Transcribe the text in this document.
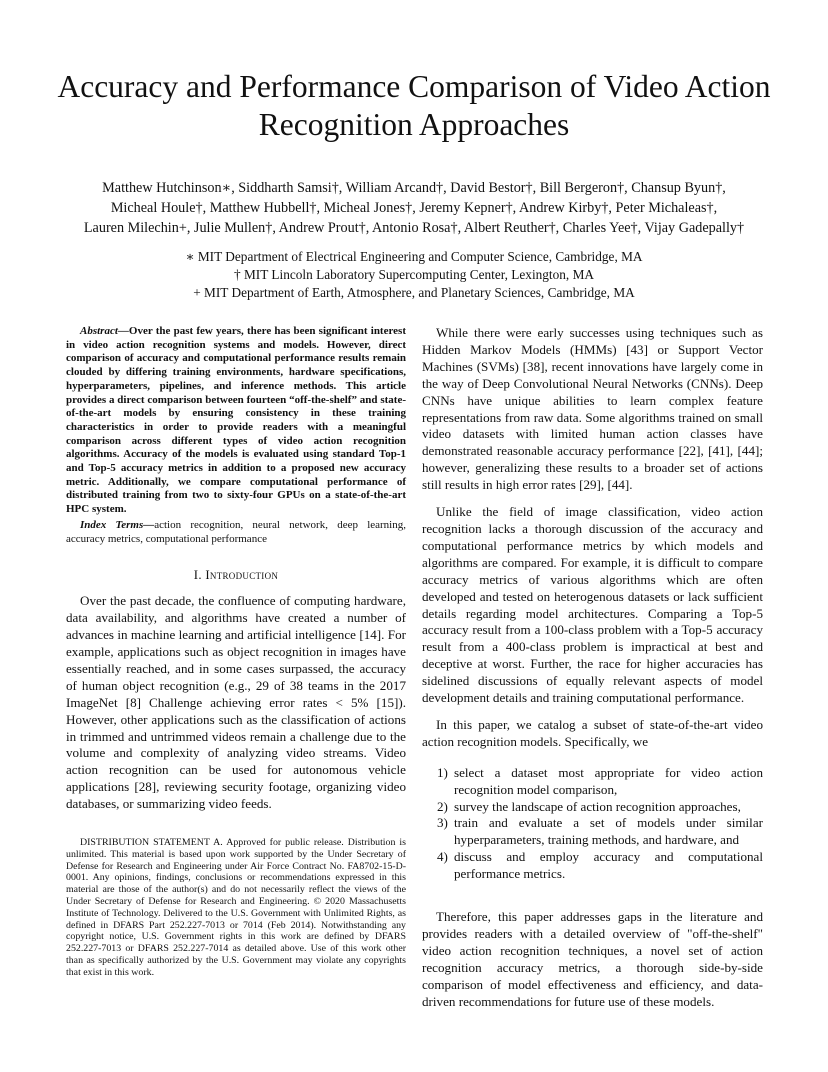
Accuracy and Performance Comparison of Video Action Recognition Approaches
Matthew Hutchinson∗, Siddharth Samsi†, William Arcand†, David Bestor†, Bill Bergeron†, Chansup Byun†,
Micheal Houle†, Matthew Hubbell†, Micheal Jones†, Jeremy Kepner†, Andrew Kirby†, Peter Michaleas†,
Lauren Milechin+, Julie Mullen†, Andrew Prout†, Antonio Rosa†, Albert Reuther†, Charles Yee†, Vijay Gadepally†
∗ MIT Department of Electrical Engineering and Computer Science, Cambridge, MA
† MIT Lincoln Laboratory Supercomputing Center, Lexington, MA
+ MIT Department of Earth, Atmosphere, and Planetary Sciences, Cambridge, MA

Abstract—Over the past few years, there has been significant interest in video action recognition systems and models. However, direct comparison of accuracy and computational performance results remain clouded by differing training environments, hardware specifications, hyperparameters, pipelines, and inference methods. This article provides a direct comparison between fourteen “off-the-shelf” and state-of-the-art models by ensuring consistency in these training characteristics in order to provide readers with a meaningful comparison across different types of video action recognition algorithms. Accuracy of the models is evaluated using standard Top-1 and Top-5 accuracy metrics in addition to a proposed new accuracy metric. Additionally, we compare computational performance of distributed training from two to sixty-four GPUs on a state-of-the-art HPC system.

Index Terms—action recognition, neural network, deep learning, accuracy metrics, computational performance

I. Introduction

Over the past decade, the confluence of computing hardware, data availability, and algorithms have created a number of advances in machine learning and artificial intelligence [14]. For example, applications such as object recognition in images have essentially reached, and in some cases surpassed, the accuracy of human object recognition (e.g., 29 of 38 teams in the 2017 ImageNet [8] Challenge achieving error rates < 5% [15]). However, other applications such as the classification of actions in trimmed and untrimmed videos remain a challenge due to the volume and complexity of analyzing video streams. Video action recognition can be used for autonomous vehicle applications [28], reviewing security footage, organizing video databases, or summarizing video feeds.

DISTRIBUTION STATEMENT A. Approved for public release. Distribution is unlimited. This material is based upon work supported by the Under Secretary of Defense for Research and Engineering under Air Force Contract No. FA8702-15-D-0001. Any opinions, findings, conclusions or recommendations expressed in this material are those of the author(s) and do not necessarily reflect the views of the Under Secretary of Defense for Research and Engineering. © 2020 Massachusetts Institute of Technology. Delivered to the U.S. Government with Unlimited Rights, as defined in DFARS Part 252.227-7013 or 7014 (Feb 2014). Notwithstanding any copyright notice, U.S. Government rights in this work are defined by DFARS 252.227-7013 or DFARS 252.227-7014 as detailed above. Use of this work other than as specifically authorized by the U.S. Government may violate any copyrights that exist in this work.

While there were early successes using techniques such as Hidden Markov Models (HMMs) [43] or Support Vector Machines (SVMs) [38], recent innovations have largely come in the way of Deep Convolutional Neural Networks (CNNs). Deep CNNs have unique abilities to learn complex feature representations from raw data. Some algorithms trained on small video datasets with limited human action classes have demonstrated reasonable accuracy performance [22], [41], [44]; however, generalizing these results to a broader set of actions still results in high error rates [29], [44].

Unlike the field of image classification, video action recognition lacks a thorough discussion of the accuracy and computational performance metrics by which models and algorithms are compared. For example, it is difficult to compare accuracy metrics of various algorithms which are often developed and tested on heterogenous datasets or lack sufficient details regarding model architectures. Comparing a Top-5 accuracy result from a 100-class problem with a Top-5 accuracy result from a 400-class problem is impractical at best and deceptive at worst. Further, the race for higher accuracies has sidelined discussions of equally relevant aspects of model development details and training computational performance.

In this paper, we catalog a subset of state-of-the-art video action recognition models. Specifically, we

1) select a dataset most appropriate for video action recognition model comparison,
2) survey the landscape of action recognition approaches,
3) train and evaluate a set of models under similar hyperparameters, training methods, and hardware, and
4) discuss and employ accuracy and computational performance metrics.

Therefore, this paper addresses gaps in the literature and provides readers with a detailed overview of "off-the-shelf" video action recognition techniques, a novel set of action recognition accuracy metrics, a thorough side-by-side comparison of model effectiveness and efficiency, and data-driven recommendations for future use of these models.
